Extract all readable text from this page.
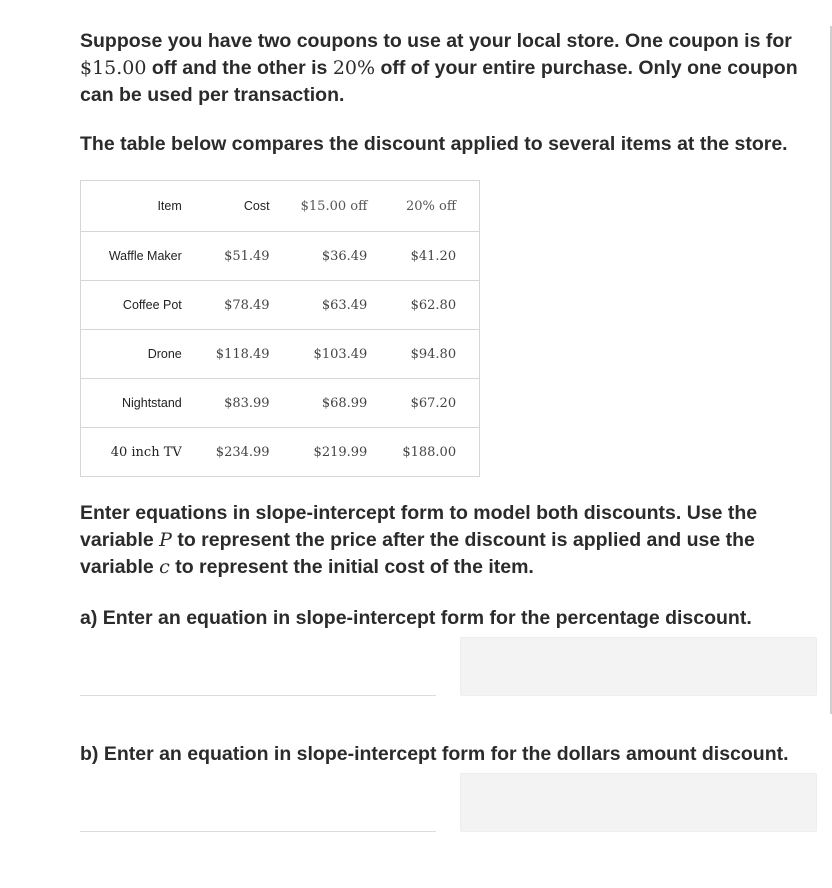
Suppose you have two coupons to use at your local store. One coupon is for $15.00 off and the other is 20% off of your entire purchase. Only one coupon can be used per transaction.

The table below compares the discount applied to several items at the store.

Item	Cost	$15.00 off	20% off	
Waffle Maker	$51.49	$36.49	$41.20	
Coffee Pot	$78.49	$63.49	$62.80	
Drone	$118.49	$103.49	$94.80	
Nightstand	$83.99	$68.99	$67.20	
40 inch TV	$234.99	$219.99	$188.00	

Enter equations in slope-intercept form to model both discounts. Use the variable P to represent the price after the discount is applied and use the variable c to represent the initial cost of the item.

a) Enter an equation in slope-intercept form for the percentage discount.

b) Enter an equation in slope-intercept form for the dollars amount discount.
